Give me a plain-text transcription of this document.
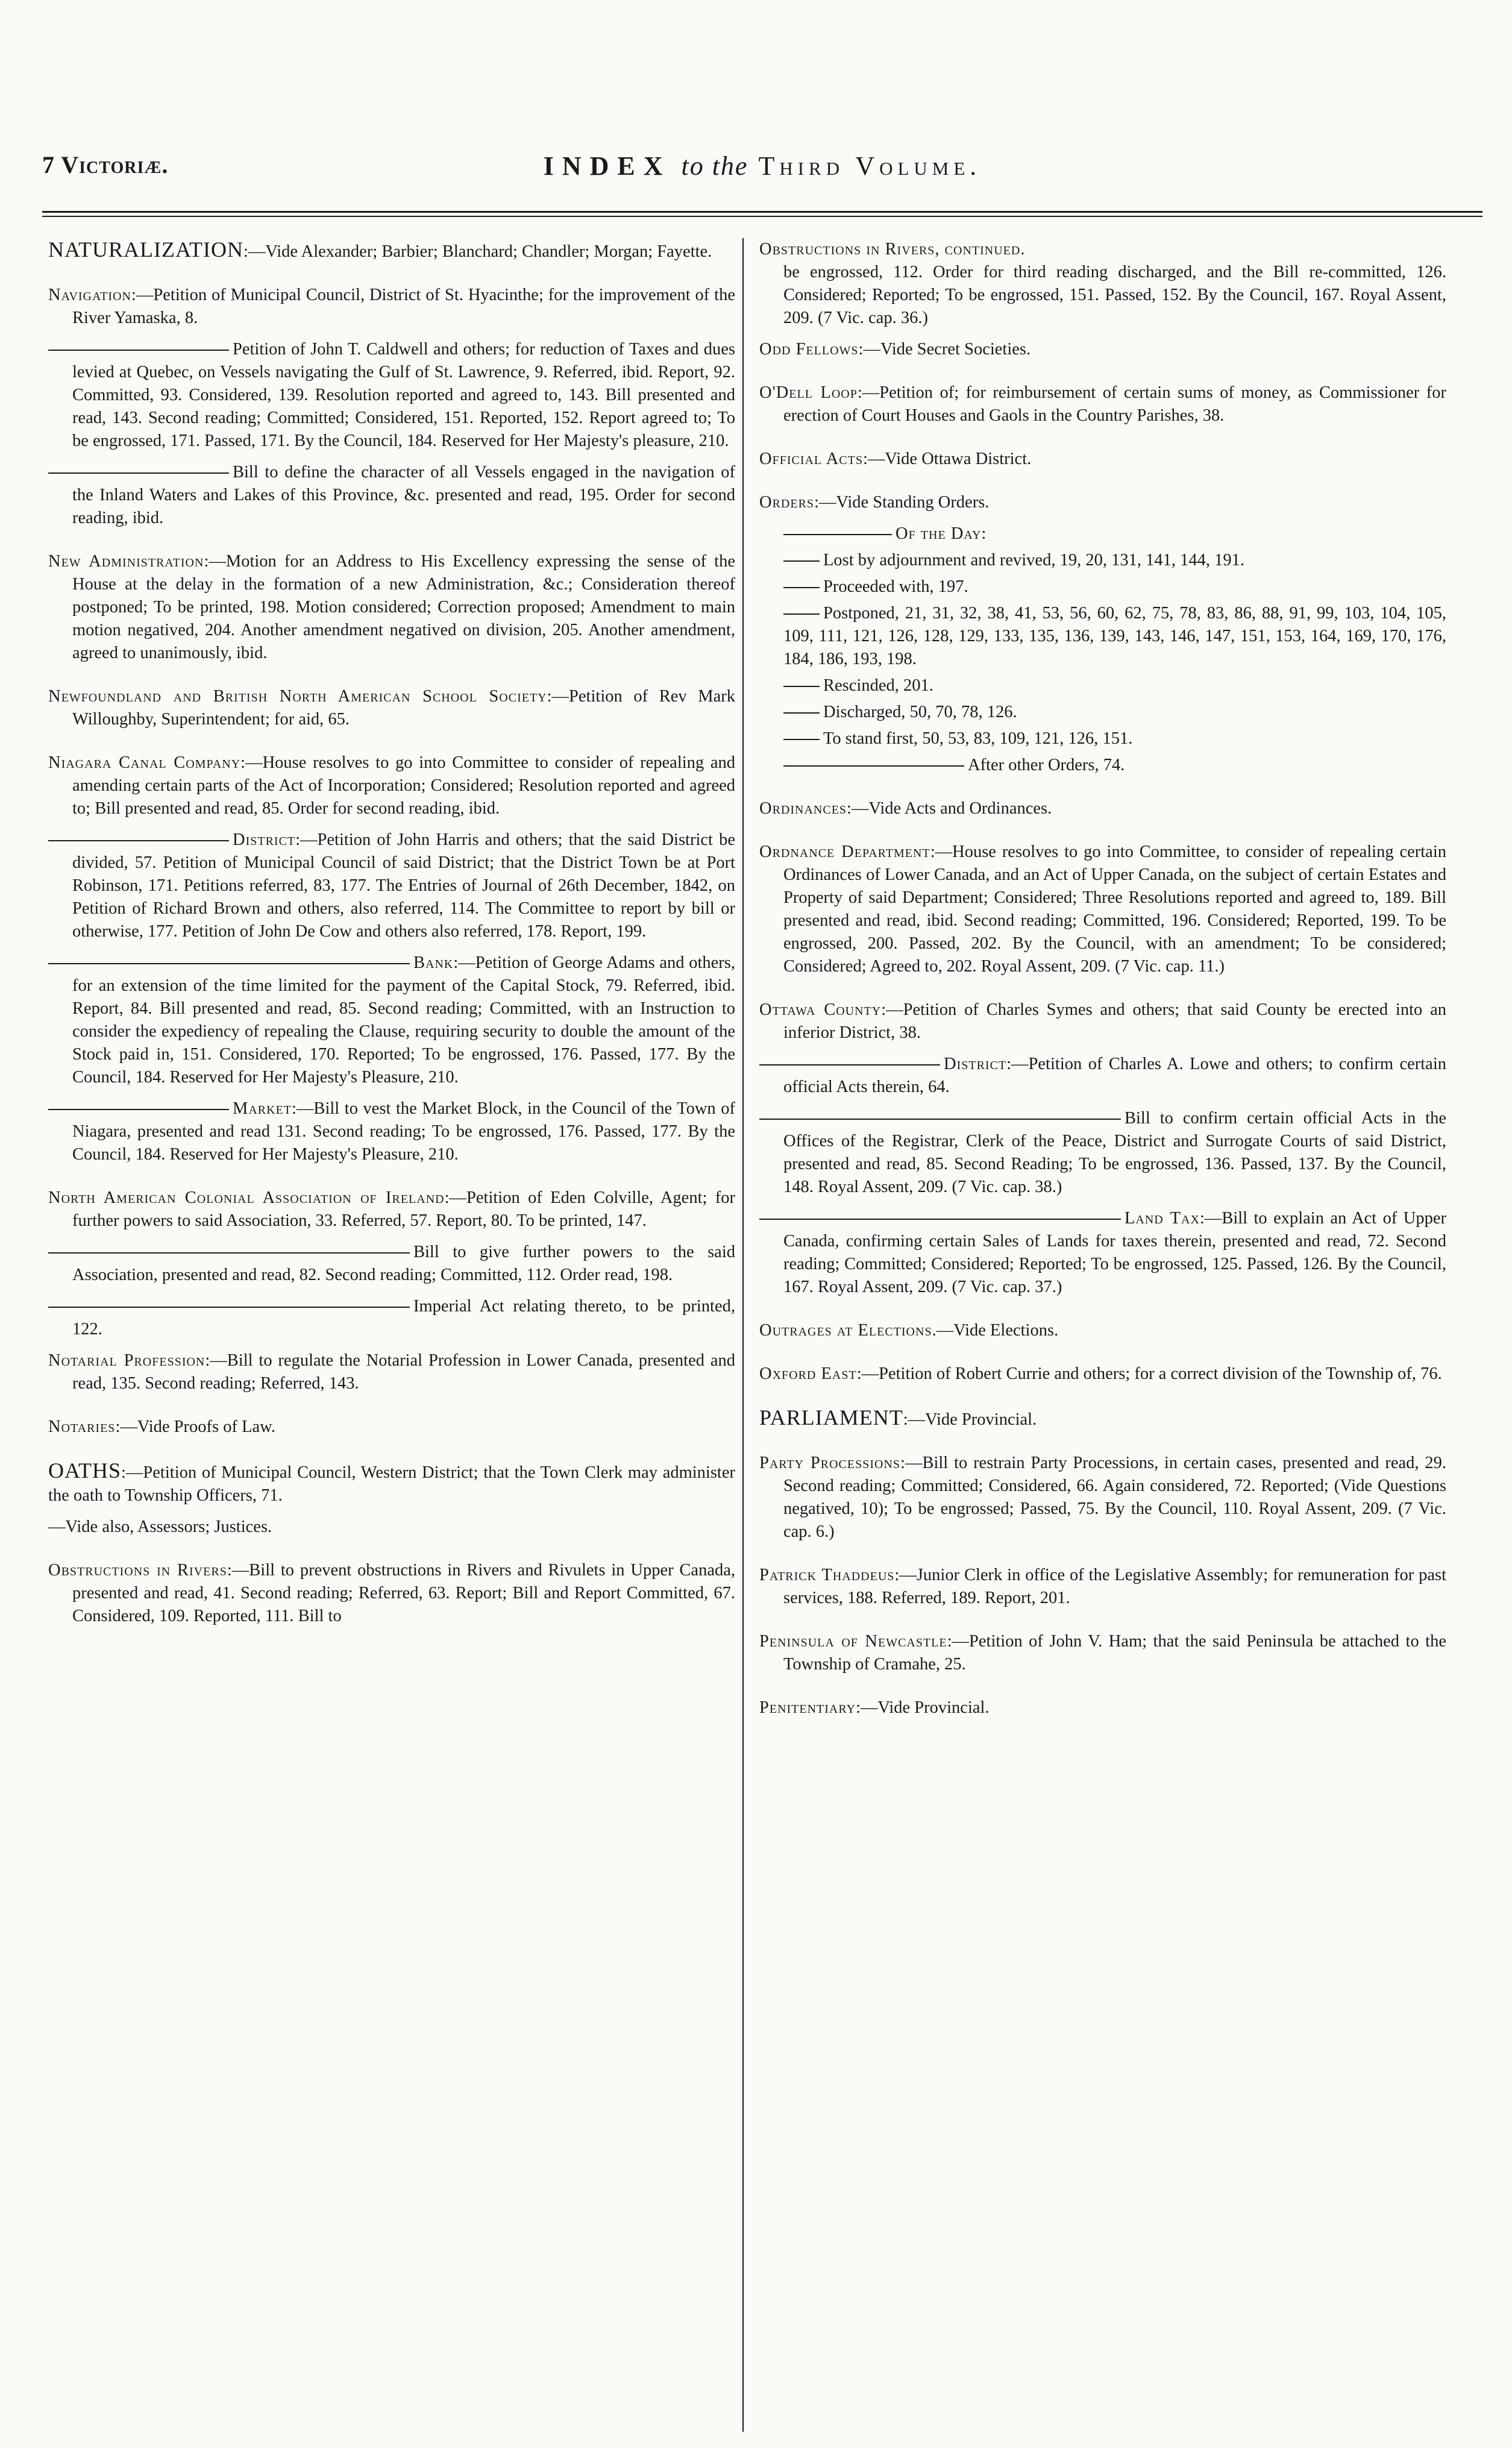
7 Victoriæ.	INDEX to the Third Volume.

NATURALIZATION:—Vide Alexander; Barbier; Blanchard; Chandler; Morgan; Fayette.

Navigation:—Petition of Municipal Council, District of St. Hyacinthe; for the improvement of the River Yamaska, 8.

Petition of John T. Caldwell and others; for reduction of Taxes and dues levied at Quebec, on Vessels navigating the Gulf of St. Lawrence, 9. Referred, ibid. Report, 92. Committed, 93. Considered, 139. Resolution reported and agreed to, 143. Bill presented and read, 143. Second reading; Committed; Considered, 151. Reported, 152. Report agreed to; To be engrossed, 171. Passed, 171. By the Council, 184. Reserved for Her Majesty's pleasure, 210.

Bill to define the character of all Vessels engaged in the navigation of the Inland Waters and Lakes of this Province, &c. presented and read, 195. Order for second reading, ibid.

New Administration:—Motion for an Address to His Excellency expressing the sense of the House at the delay in the formation of a new Administration, &c.; Consideration thereof postponed; To be printed, 198. Motion considered; Correction proposed; Amendment to main motion negatived, 204. Another amendment negatived on division, 205. Another amendment, agreed to unanimously, ibid.

Newfoundland and British North American School Society:—Petition of Rev Mark Willoughby, Superintendent; for aid, 65.

Niagara Canal Company:—House resolves to go into Committee to consider of repealing and amending certain parts of the Act of Incorporation; Considered; Resolution reported and agreed to; Bill presented and read, 85. Order for second reading, ibid.

District:—Petition of John Harris and others; that the said District be divided, 57. Petition of Municipal Council of said District; that the District Town be at Port Robinson, 171. Petitions referred, 83, 177. The Entries of Journal of 26th December, 1842, on Petition of Richard Brown and others, also referred, 114. The Committee to report by bill or otherwise, 177. Petition of John De Cow and others also referred, 178. Report, 199.

Bank:—Petition of George Adams and others, for an extension of the time limited for the payment of the Capital Stock, 79. Referred, ibid. Report, 84. Bill presented and read, 85. Second reading; Committed, with an Instruction to consider the expediency of repealing the Clause, requiring security to double the amount of the Stock paid in, 151. Considered, 170. Reported; To be engrossed, 176. Passed, 177. By the Council, 184. Reserved for Her Majesty's Pleasure, 210.

Market:—Bill to vest the Market Block, in the Council of the Town of Niagara, presented and read 131. Second reading; To be engrossed, 176. Passed, 177. By the Council, 184. Reserved for Her Majesty's Pleasure, 210.

North American Colonial Association of Ireland:—Petition of Eden Colville, Agent; for further powers to said Association, 33. Referred, 57. Report, 80. To be printed, 147.

Bill to give further powers to the said Association, presented and read, 82. Second reading; Committed, 112. Order read, 198.

Imperial Act relating thereto, to be printed, 122.

Notarial Profession:—Bill to regulate the Notarial Profession in Lower Canada, presented and read, 135. Second reading; Referred, 143.

Notaries:—Vide Proofs of Law.

OATHS:—Petition of Municipal Council, Western District; that the Town Clerk may administer the oath to Township Officers, 71.

—Vide also, Assessors; Justices.

Obstructions in Rivers:—Bill to prevent obstructions in Rivers and Rivulets in Upper Canada, presented and read, 41. Second reading; Referred, 63. Report; Bill and Report Committed, 67. Considered, 109. Reported, 111. Bill to

Obstructions in Rivers, continued.
be engrossed, 112. Order for third reading discharged, and the Bill re-committed, 126. Considered; Reported; To be engrossed, 151. Passed, 152. By the Council, 167. Royal Assent, 209. (7 Vic. cap. 36.)

Odd Fellows:—Vide Secret Societies.

O'Dell Loop:—Petition of; for reimbursement of certain sums of money, as Commissioner for erection of Court Houses and Gaols in the Country Parishes, 38.

Official Acts:—Vide Ottawa District.

Orders:—Vide Standing Orders.

Of the Day:

Lost by adjournment and revived, 19, 20, 131, 141, 144, 191.

Proceeded with, 197.

Postponed, 21, 31, 32, 38, 41, 53, 56, 60, 62, 75, 78, 83, 86, 88, 91, 99, 103, 104, 105, 109, 111, 121, 126, 128, 129, 133, 135, 136, 139, 143, 146, 147, 151, 153, 164, 169, 170, 176, 184, 186, 193, 198.

Rescinded, 201.

Discharged, 50, 70, 78, 126.

To stand first, 50, 53, 83, 109, 121, 126, 151.

After other Orders, 74.

Ordinances:—Vide Acts and Ordinances.

Ordnance Department:—House resolves to go into Committee, to consider of repealing certain Ordinances of Lower Canada, and an Act of Upper Canada, on the subject of certain Estates and Property of said Department; Considered; Three Resolutions reported and agreed to, 189. Bill presented and read, ibid. Second reading; Committed, 196. Considered; Reported, 199. To be engrossed, 200. Passed, 202. By the Council, with an amendment; To be considered; Considered; Agreed to, 202. Royal Assent, 209. (7 Vic. cap. 11.)

Ottawa County:—Petition of Charles Symes and others; that said County be erected into an inferior District, 38.

District:—Petition of Charles A. Lowe and others; to confirm certain official Acts therein, 64.

Bill to confirm certain official Acts in the Offices of the Registrar, Clerk of the Peace, District and Surrogate Courts of said District, presented and read, 85. Second Reading; To be engrossed, 136. Passed, 137. By the Council, 148. Royal Assent, 209. (7 Vic. cap. 38.)

Land Tax:—Bill to explain an Act of Upper Canada, confirming certain Sales of Lands for taxes therein, presented and read, 72. Second reading; Committed; Considered; Reported; To be engrossed, 125. Passed, 126. By the Council, 167. Royal Assent, 209. (7 Vic. cap. 37.)

Outrages at Elections.—Vide Elections.

Oxford East:—Petition of Robert Currie and others; for a correct division of the Township of, 76.

PARLIAMENT:—Vide Provincial.

Party Processions:—Bill to restrain Party Processions, in certain cases, presented and read, 29. Second reading; Committed; Considered, 66. Again considered, 72. Reported; (Vide Questions negatived, 10); To be engrossed; Passed, 75. By the Council, 110. Royal Assent, 209. (7 Vic. cap. 6.)

Patrick Thaddeus:—Junior Clerk in office of the Legislative Assembly; for remuneration for past services, 188. Referred, 189. Report, 201.

Peninsula of Newcastle:—Petition of John V. Ham; that the said Peninsula be attached to the Township of Cramahe, 25.

Penitentiary:—Vide Provincial.
